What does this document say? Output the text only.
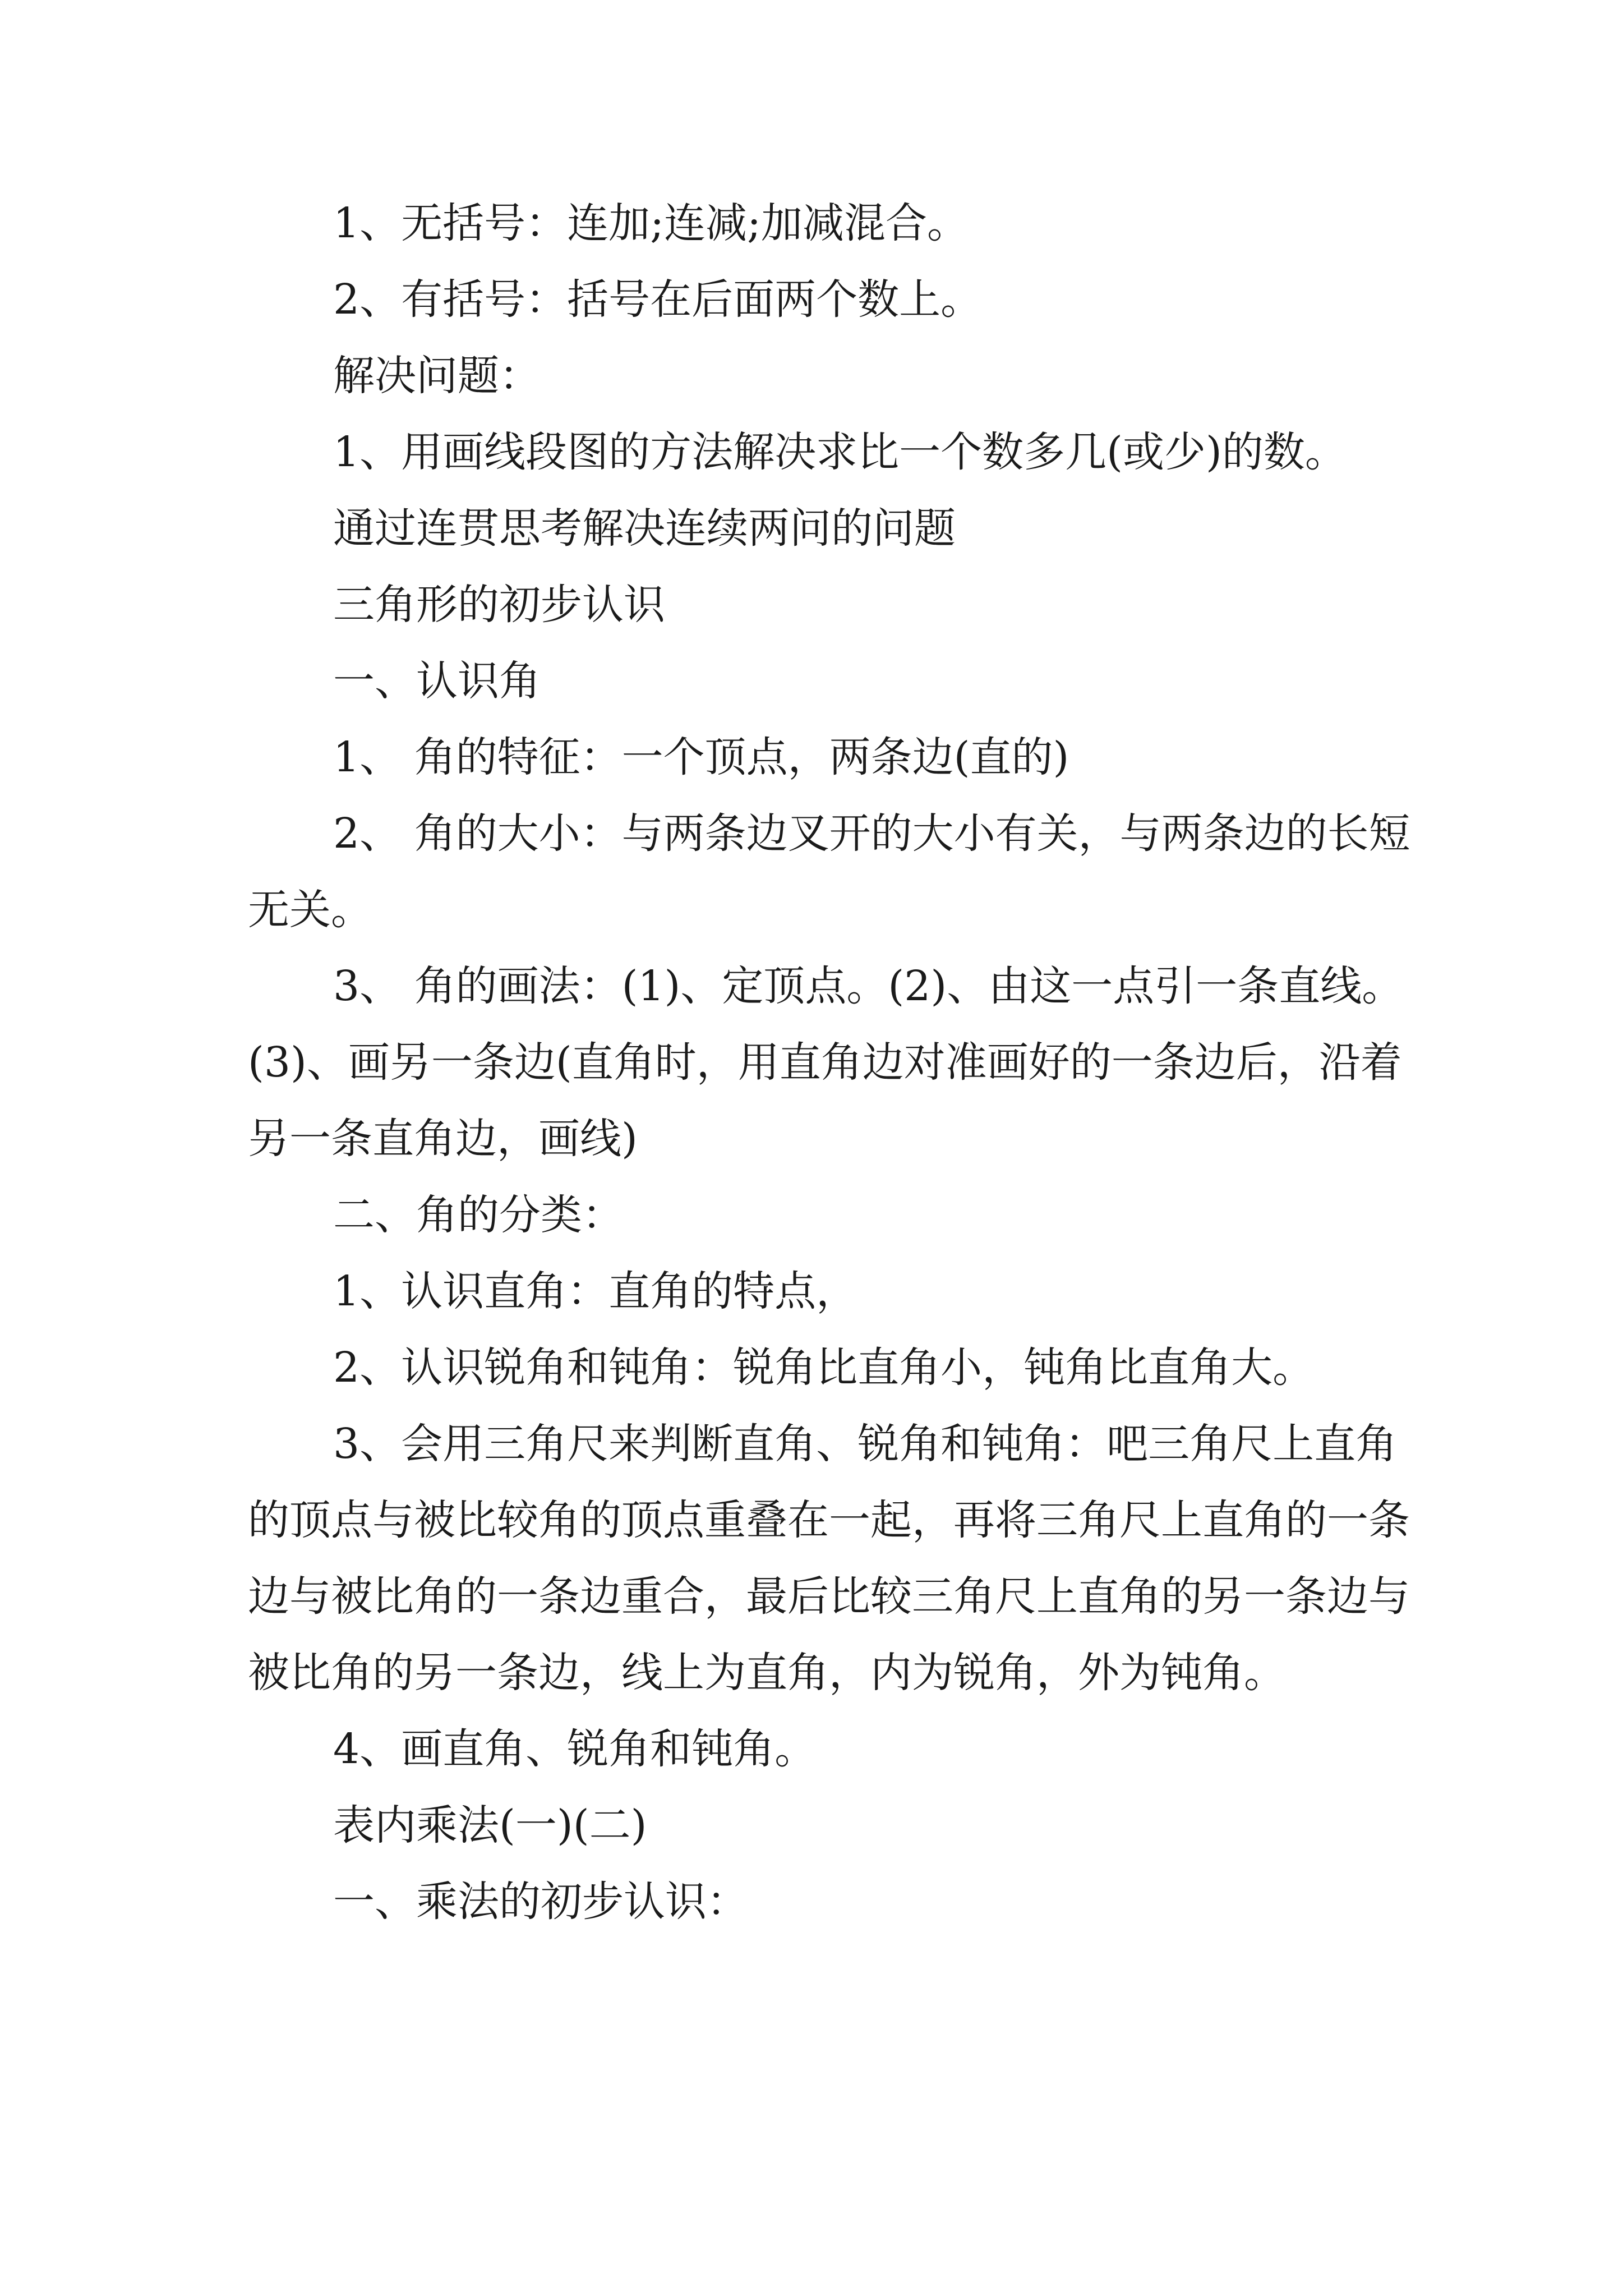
1、无括号：连加;连减;加减混合。

2、有括号：括号在后面两个数上。

解决问题：

1、用画线段图的方法解决求比一个数多几(或少)的数。

通过连贯思考解决连续两问的问题

三角形的初步认识

一、认识角

1、 角的特征：一个顶点，两条边(直的)

2、 角的大小：与两条边叉开的大小有关，与两条边的长短无关。

3、 角的画法：(1)、定顶点。(2)、由这一点引一条直线。(3)、画另一条边(直角时，用直角边对准画好的一条边后，沿着另一条直角边，画线)

二、角的分类：

1、认识直角：直角的特点，

2、认识锐角和钝角：锐角比直角小，钝角比直角大。

3、会用三角尺来判断直角、锐角和钝角：吧三角尺上直角的顶点与被比较角的顶点重叠在一起，再将三角尺上直角的一条边与被比角的一条边重合，最后比较三角尺上直角的另一条边与被比角的另一条边，线上为直角，内为锐角，外为钝角。

4、画直角、锐角和钝角。

表内乘法(一)(二)

一、乘法的初步认识：
